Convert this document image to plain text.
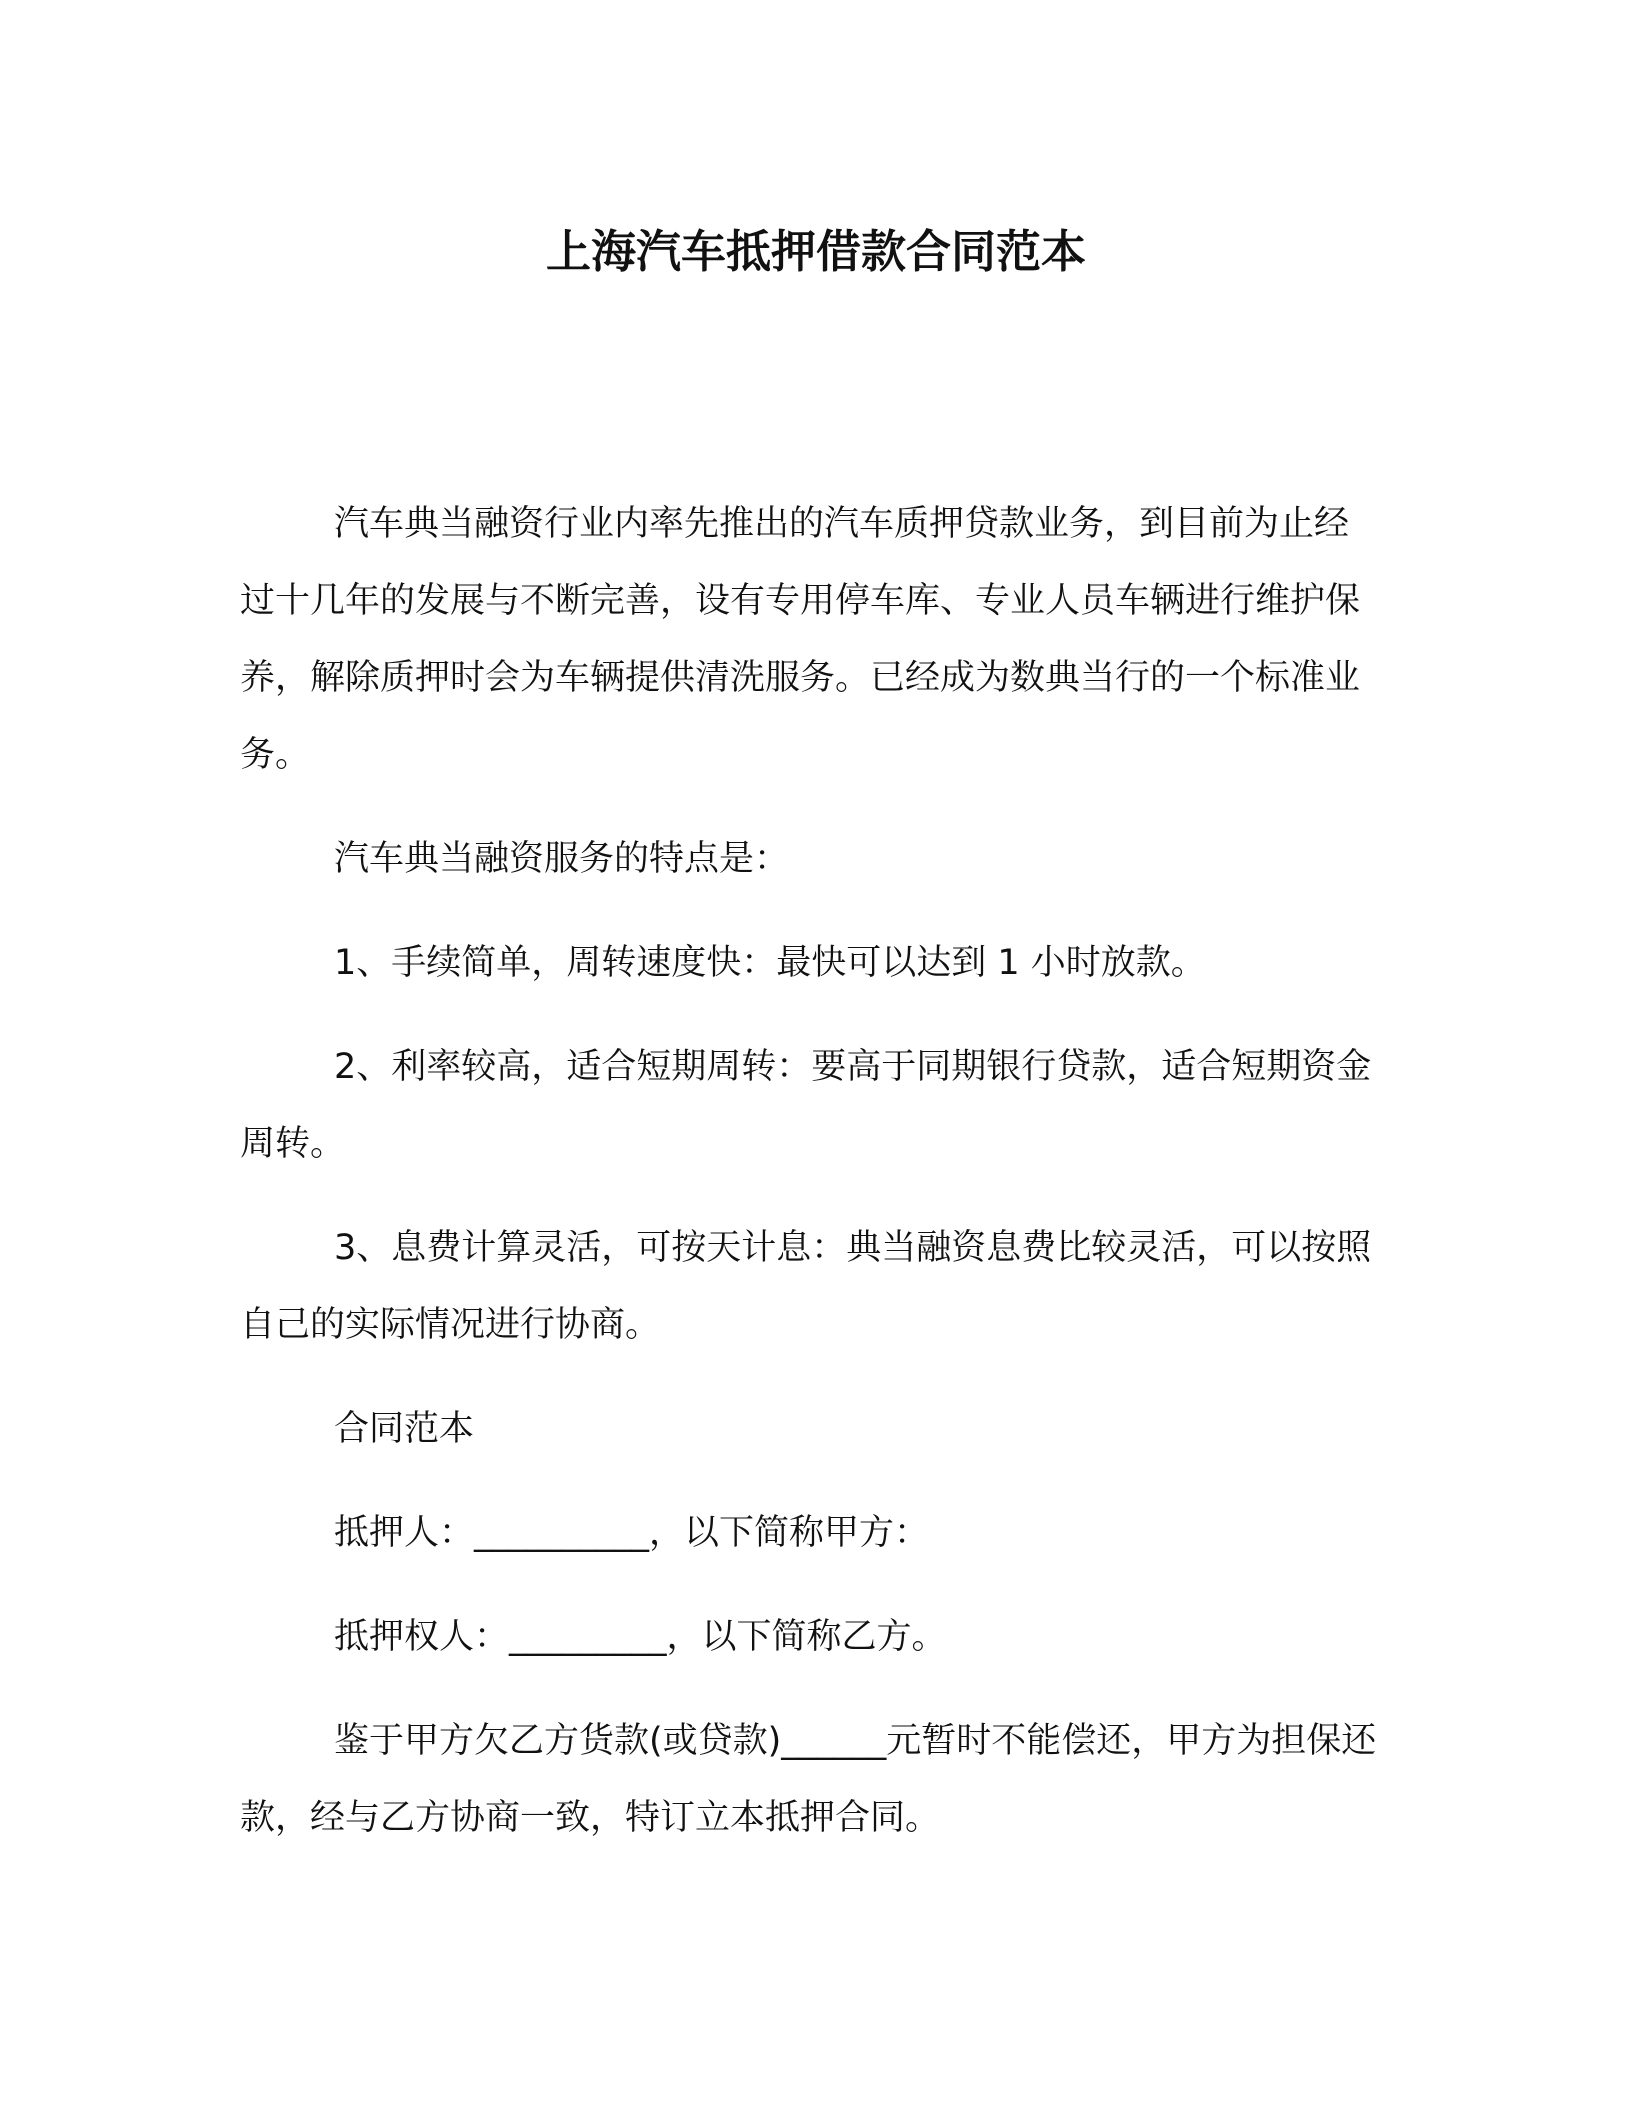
上海汽车抵押借款合同范本

汽车典当融资行业内率先推出的汽车质押贷款业务，到目前为止经过十几年的发展与不断完善，设有专用停车库、专业人员车辆进行维护保养，解除质押时会为车辆提供清洗服务。已经成为数典当行的一个标准业务。

汽车典当融资服务的特点是：

1、手续简单，周转速度快：最快可以达到 1 小时放款。

2、利率较高，适合短期周转：要高于同期银行贷款，适合短期资金周转。

3、息费计算灵活，可按天计息：典当融资息费比较灵活，可以按照自己的实际情况进行协商。

合同范本

抵押人：__________，以下简称甲方：

抵押权人：_________，以下简称乙方。

鉴于甲方欠乙方货款(或贷款)______元暂时不能偿还，甲方为担保还款，经与乙方协商一致，特订立本抵押合同。
